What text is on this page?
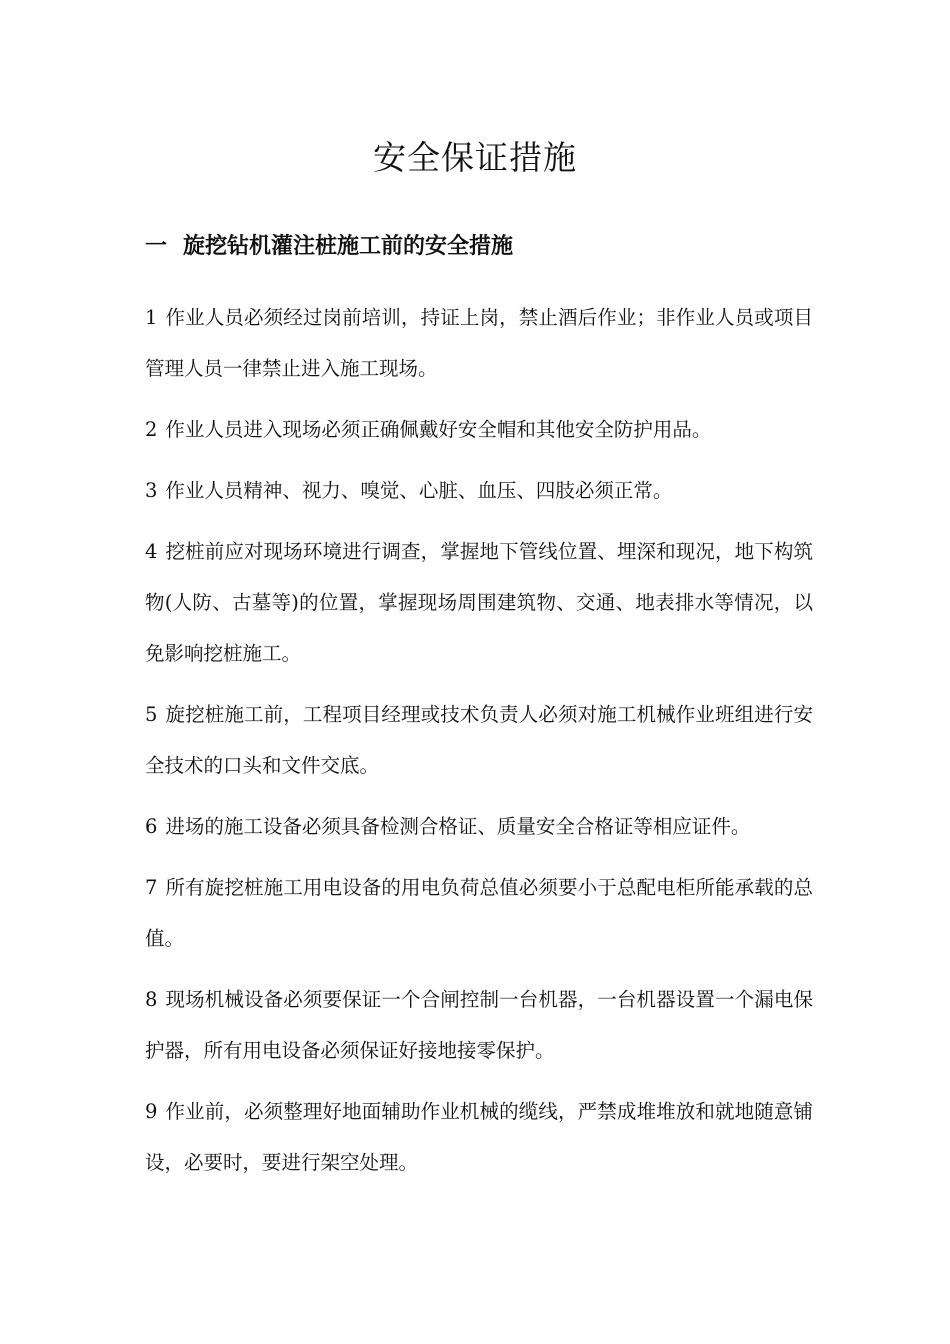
安全保证措施
一 旋挖钻机灌注桩施工前的安全措施
1 作业人员必须经过岗前培训，持证上岗，禁止酒后作业；非作业人员或项目管理人员一律禁止进入施工现场。
2 作业人员进入现场必须正确佩戴好安全帽和其他安全防护用品。
3 作业人员精神、视力、嗅觉、心脏、血压、四肢必须正常。
4 挖桩前应对现场环境进行调查，掌握地下管线位置、埋深和现况，地下构筑物(人防、古墓等)的位置，掌握现场周围建筑物、交通、地表排水等情况，以免影响挖桩施工。
5 旋挖桩施工前，工程项目经理或技术负责人必须对施工机械作业班组进行安全技术的口头和文件交底。
6 进场的施工设备必须具备检测合格证、质量安全合格证等相应证件。
7 所有旋挖桩施工用电设备的用电负荷总值必须要小于总配电柜所能承载的总值。
8 现场机械设备必须要保证一个合闸控制一台机器，一台机器设置一个漏电保护器，所有用电设备必须保证好接地接零保护。
9 作业前，必须整理好地面辅助作业机械的缆线，严禁成堆堆放和就地随意铺设，必要时，要进行架空处理。
